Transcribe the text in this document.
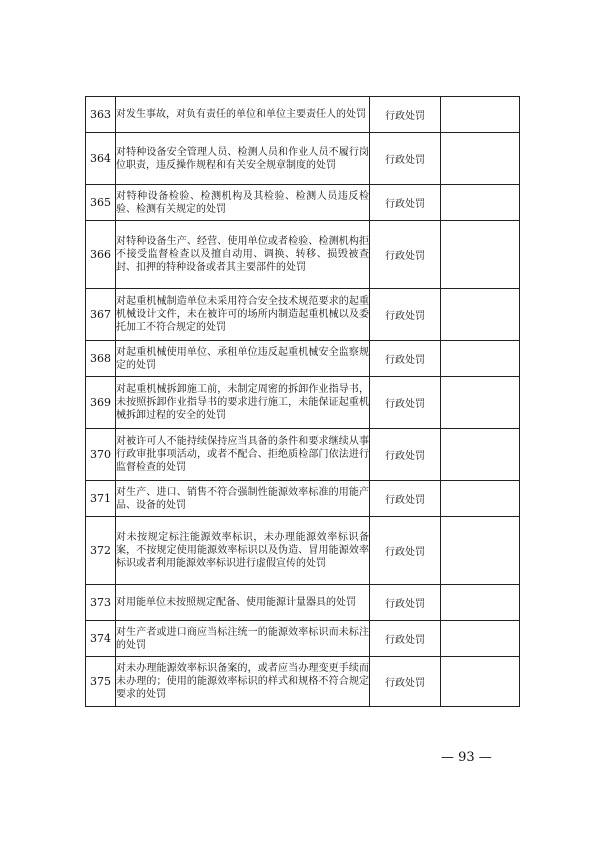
363	对发生事故，对负有责任的单位和单位主要责任人的处罚	行政处罚	
364	对特种设备安全管理人员、检测人员和作业人员不履行岗位职责，违反操作规程和有关安全规章制度的处罚	行政处罚	
365	对特种设备检验、检测机构及其检验、检测人员违反检验、检测有关规定的处罚	行政处罚	
366	对特种设备生产、经营、使用单位或者检验、检测机构拒不接受监督检查以及擅自动用、调换、转移、损毁被查封、扣押的特种设备或者其主要部件的处罚	行政处罚	
367	对起重机械制造单位未采用符合安全技术规范要求的起重机械设计文件，未在被许可的场所内制造起重机械以及委托加工不符合规定的处罚	行政处罚	
368	对起重机械使用单位、承租单位违反起重机械安全监察规定的处罚	行政处罚	
369	对起重机械拆卸施工前，未制定周密的拆卸作业指导书，未按照拆卸作业指导书的要求进行施工，未能保证起重机械拆卸过程的安全的处罚	行政处罚	
370	对被许可人不能持续保持应当具备的条件和要求继续从事行政审批事项活动，或者不配合、拒绝质检部门依法进行监督检查的处罚	行政处罚	
371	对生产、进口、销售不符合强制性能源效率标准的用能产品、设备的处罚	行政处罚	
372	对未按规定标注能源效率标识，未办理能源效率标识备案，不按规定使用能源效率标识以及伪造、冒用能源效率标识或者利用能源效率标识进行虚假宣传的处罚	行政处罚	
373	对用能单位未按照规定配备、使用能源计量器具的处罚	行政处罚	
374	对生产者或进口商应当标注统一的能源效率标识而未标注的处罚	行政处罚	
375	对未办理能源效率标识备案的，或者应当办理变更手续而未办理的；使用的能源效率标识的样式和规格不符合规定要求的处罚	行政处罚	
— 93 —
